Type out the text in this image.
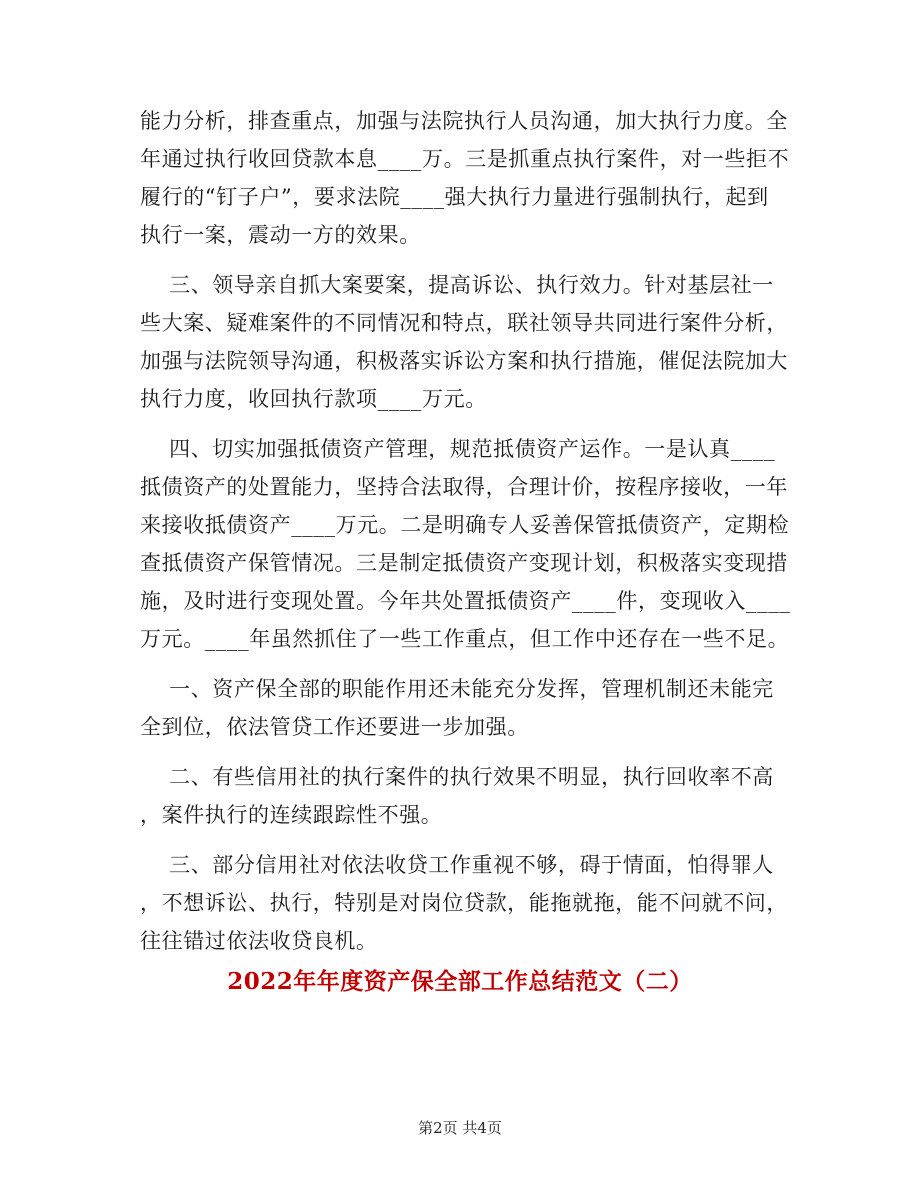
能力分析，排查重点，加强与法院执行人员沟通，加大执行力度。全
年通过执行收回贷款本息____万。三是抓重点执行案件，对一些拒不
履行的“钉子户”，要求法院____强大执行力量进行强制执行，起到
执行一案，震动一方的效果。
三、领导亲自抓大案要案，提高诉讼、执行效力。针对基层社一
些大案、疑难案件的不同情况和特点，联社领导共同进行案件分析，
加强与法院领导沟通，积极落实诉讼方案和执行措施，催促法院加大
执行力度，收回执行款项____万元。
四、切实加强抵债资产管理，规范抵债资产运作。一是认真____
抵债资产的处置能力，坚持合法取得，合理计价，按程序接收，一年
来接收抵债资产____万元。二是明确专人妥善保管抵债资产，定期检
查抵债资产保管情况。三是制定抵债资产变现计划，积极落实变现措
施，及时进行变现处置。今年共处置抵债资产____件，变现收入____
万元。____年虽然抓住了一些工作重点，但工作中还存在一些不足。
一、资产保全部的职能作用还未能充分发挥，管理机制还未能完
全到位，依法管贷工作还要进一步加强。
二、有些信用社的执行案件的执行效果不明显，执行回收率不高
，案件执行的连续跟踪性不强。
三、部分信用社对依法收贷工作重视不够，碍于情面，怕得罪人
，不想诉讼、执行，特别是对岗位贷款，能拖就拖，能不问就不问，
往往错过依法收贷良机。
2022年年度资产保全部工作总结范文（二）
第2页 共4页
